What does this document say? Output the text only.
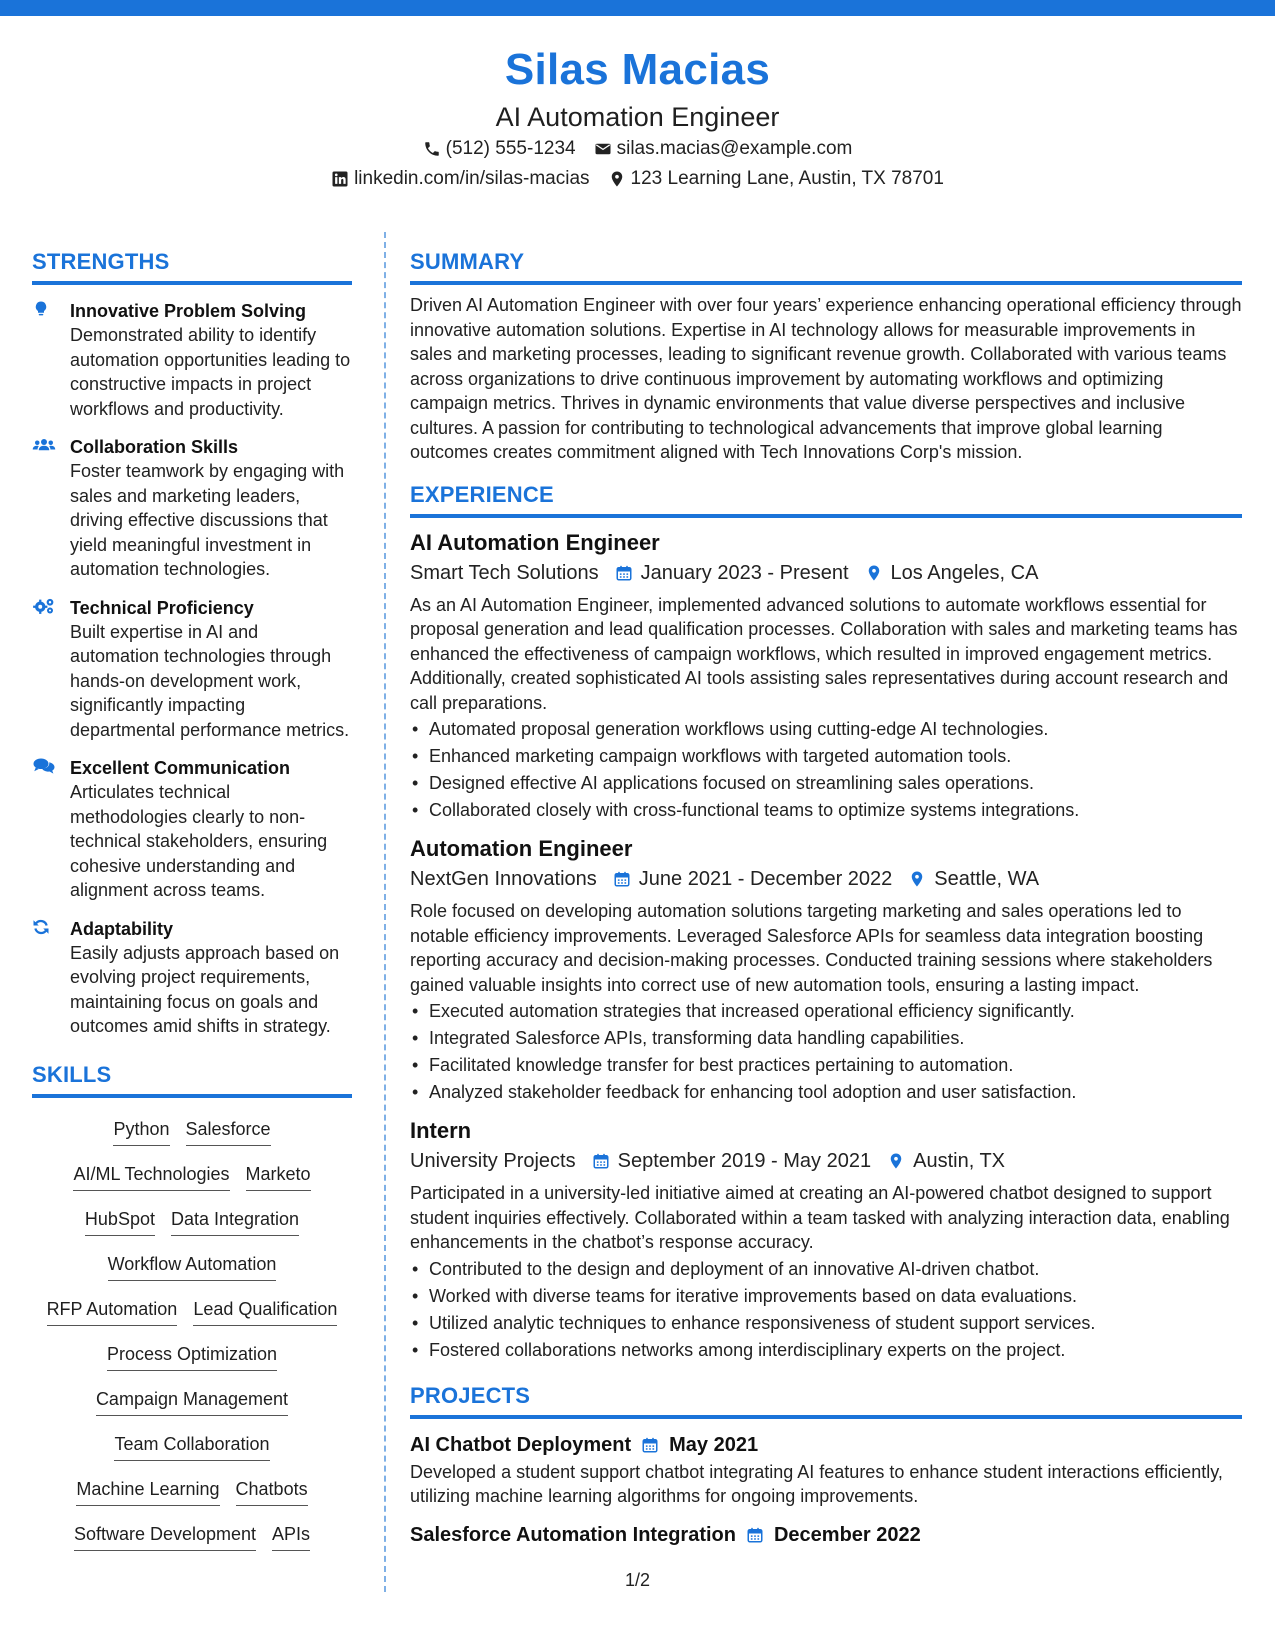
Silas Macias
AI Automation Engineer
(512) 555-1234 silas.macias@example.com
linkedin.com/in/silas-macias 123 Learning Lane, Austin, TX 78701
STRENGTHS
Innovative Problem Solving
Demonstrated ability to identify automation opportunities leading to constructive impacts in project workflows and productivity.
Collaboration Skills
Foster teamwork by engaging with sales and marketing leaders, driving effective discussions that yield meaningful investment in automation technologies.
Technical Proficiency
Built expertise in AI and automation technologies through hands-on development work, significantly impacting departmental performance metrics.
Excellent Communication
Articulates technical methodologies clearly to non-technical stakeholders, ensuring cohesive understanding and alignment across teams.
Adaptability
Easily adjusts approach based on evolving project requirements, maintaining focus on goals and outcomes amid shifts in strategy.
SKILLS
Python Salesforce
AI/ML Technologies Marketo
HubSpot Data Integration
Workflow Automation
RFP Automation Lead Qualification
Process Optimization
Campaign Management
Team Collaboration
Machine Learning Chatbots
Software Development APIs
SUMMARY
Driven AI Automation Engineer with over four years’ experience enhancing operational efficiency through innovative automation solutions. Expertise in AI technology allows for measurable improvements in sales and marketing processes, leading to significant revenue growth. Collaborated with various teams across organizations to drive continuous improvement by automating workflows and optimizing campaign metrics. Thrives in dynamic environments that value diverse perspectives and inclusive cultures. A passion for contributing to technological advancements that improve global learning outcomes creates commitment aligned with Tech Innovations Corp's mission.
EXPERIENCE
AI Automation Engineer
Smart Tech Solutions January 2023 - Present Los Angeles, CA
As an AI Automation Engineer, implemented advanced solutions to automate workflows essential for proposal generation and lead qualification processes. Collaboration with sales and marketing teams has enhanced the effectiveness of campaign workflows, which resulted in improved engagement metrics. Additionally, created sophisticated AI tools assisting sales representatives during account research and call preparations.
• Automated proposal generation workflows using cutting-edge AI technologies.
• Enhanced marketing campaign workflows with targeted automation tools.
• Designed effective AI applications focused on streamlining sales operations.
• Collaborated closely with cross-functional teams to optimize systems integrations.
Automation Engineer
NextGen Innovations June 2021 - December 2022 Seattle, WA
Role focused on developing automation solutions targeting marketing and sales operations led to notable efficiency improvements. Leveraged Salesforce APIs for seamless data integration boosting reporting accuracy and decision-making processes. Conducted training sessions where stakeholders gained valuable insights into correct use of new automation tools, ensuring a lasting impact.
• Executed automation strategies that increased operational efficiency significantly.
• Integrated Salesforce APIs, transforming data handling capabilities.
• Facilitated knowledge transfer for best practices pertaining to automation.
• Analyzed stakeholder feedback for enhancing tool adoption and user satisfaction.
Intern
University Projects September 2019 - May 2021 Austin, TX
Participated in a university-led initiative aimed at creating an AI-powered chatbot designed to support student inquiries effectively. Collaborated within a team tasked with analyzing interaction data, enabling enhancements in the chatbot’s response accuracy.
• Contributed to the design and deployment of an innovative AI-driven chatbot.
• Worked with diverse teams for iterative improvements based on data evaluations.
• Utilized analytic techniques to enhance responsiveness of student support services.
• Fostered collaborations networks among interdisciplinary experts on the project.
PROJECTS
AI Chatbot Deployment May 2021
Developed a student support chatbot integrating AI features to enhance student interactions efficiently, utilizing machine learning algorithms for ongoing improvements.
Salesforce Automation Integration December 2022
1/2
